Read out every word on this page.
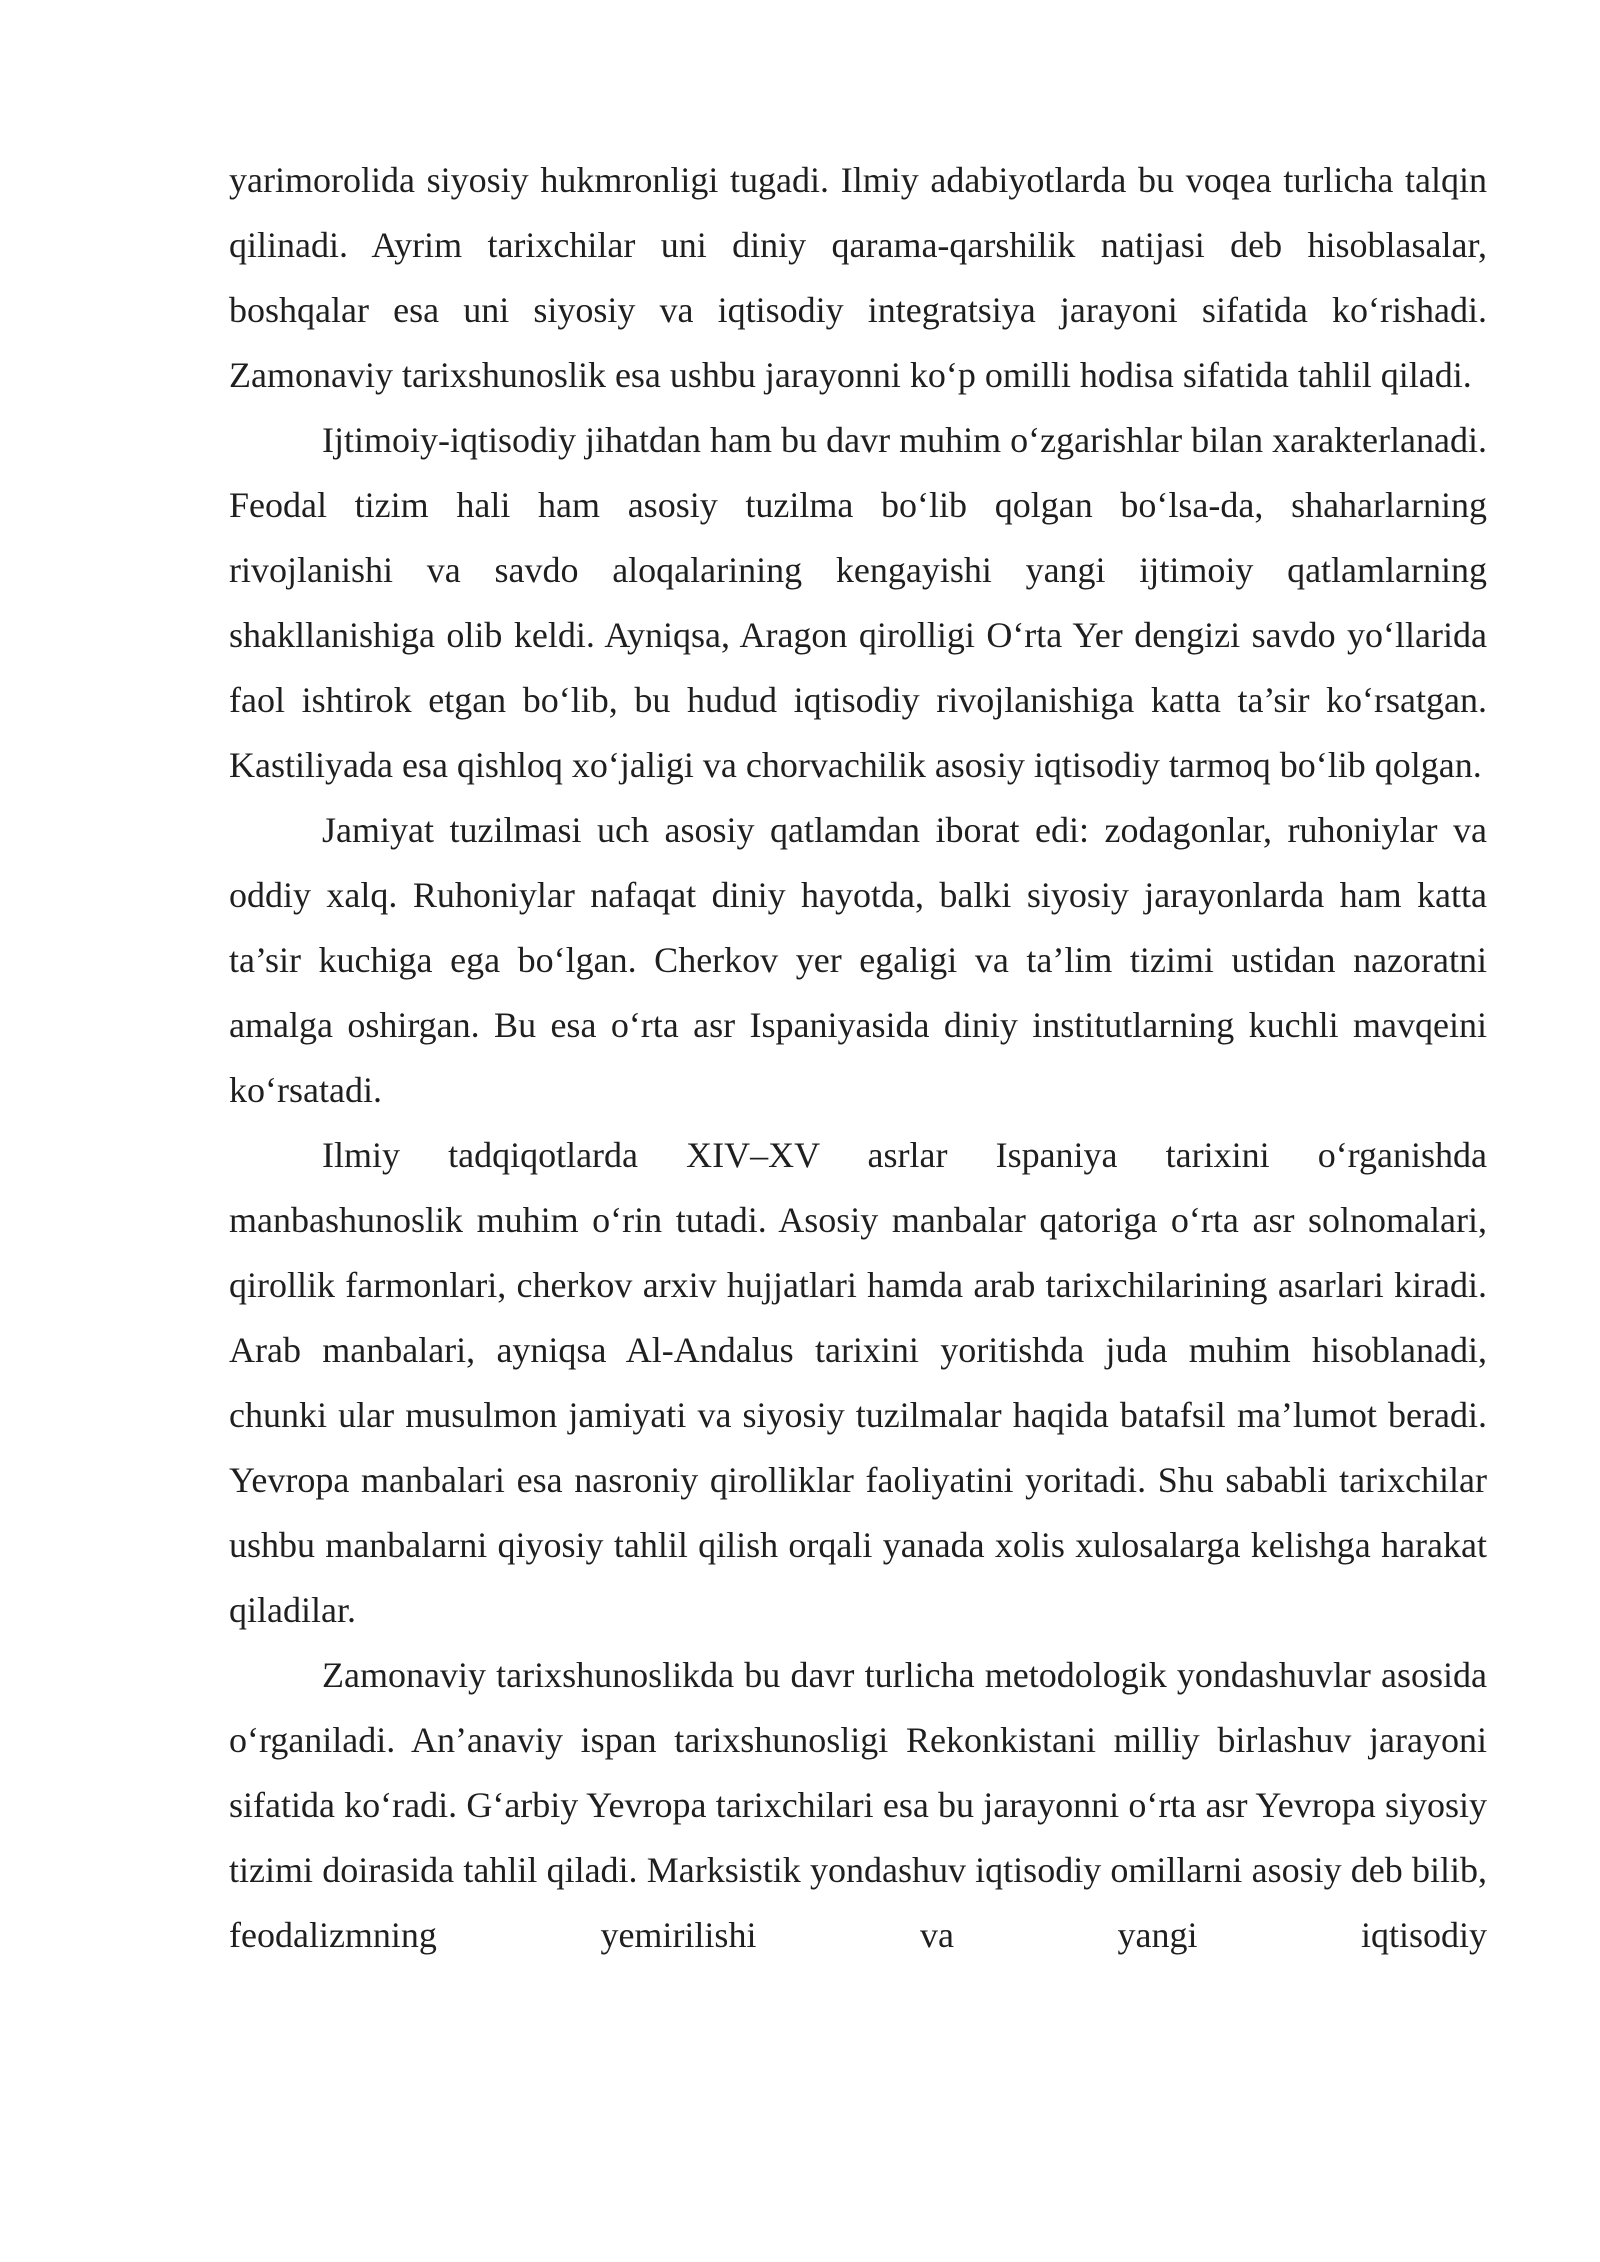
yarimorolida siyosiy hukmronligi tugadi. Ilmiy adabiyotlarda bu voqea turlicha talqin qilinadi. Ayrim tarixchilar uni diniy qarama-qarshilik natijasi deb hisoblasalar, boshqalar esa uni siyosiy va iqtisodiy integratsiya jarayoni sifatida ko‘rishadi. Zamonaviy tarixshunoslik esa ushbu jarayonni ko‘p omilli hodisa sifatida tahlil qiladi.

Ijtimoiy-iqtisodiy jihatdan ham bu davr muhim o‘zgarishlar bilan xarakterlanadi. Feodal tizim hali ham asosiy tuzilma bo‘lib qolgan bo‘lsa-da, shaharlarning rivojlanishi va savdo aloqalarining kengayishi yangi ijtimoiy qatlamlarning shakllanishiga olib keldi. Ayniqsa, Aragon qirolligi O‘rta Yer dengizi savdo yo‘llarida faol ishtirok etgan bo‘lib, bu hudud iqtisodiy rivojlanishiga katta ta’sir ko‘rsatgan. Kastiliyada esa qishloq xo‘jaligi va chorvachilik asosiy iqtisodiy tarmoq bo‘lib qolgan.

Jamiyat tuzilmasi uch asosiy qatlamdan iborat edi: zodagonlar, ruhoniylar va oddiy xalq. Ruhoniylar nafaqat diniy hayotda, balki siyosiy jarayonlarda ham katta ta’sir kuchiga ega bo‘lgan. Cherkov yer egaligi va ta’lim tizimi ustidan nazoratni amalga oshirgan. Bu esa o‘rta asr Ispaniyasida diniy institutlarning kuchli mavqeini ko‘rsatadi.

Ilmiy tadqiqotlarda XIV–XV asrlar Ispaniya tarixini o‘rganishda manbashunoslik muhim o‘rin tutadi. Asosiy manbalar qatoriga o‘rta asr solnomalari, qirollik farmonlari, cherkov arxiv hujjatlari hamda arab tarixchilarining asarlari kiradi. Arab manbalari, ayniqsa Al-Andalus tarixini yoritishda juda muhim hisoblanadi, chunki ular musulmon jamiyati va siyosiy tuzilmalar haqida batafsil ma’lumot beradi. Yevropa manbalari esa nasroniy qirolliklar faoliyatini yoritadi. Shu sababli tarixchilar ushbu manbalarni qiyosiy tahlil qilish orqali yanada xolis xulosalarga kelishga harakat qiladilar.

Zamonaviy tarixshunoslikda bu davr turlicha metodologik yondashuvlar asosida o‘rganiladi. An’anaviy ispan tarixshunosligi Rekonkistani milliy birlashuv jarayoni sifatida ko‘radi. G‘arbiy Yevropa tarixchilari esa bu jarayonni o‘rta asr Yevropa siyosiy tizimi doirasida tahlil qiladi. Marksistik yondashuv iqtisodiy omillarni asosiy deb bilib, feodalizmning yemirilishi va yangi iqtisodiy
